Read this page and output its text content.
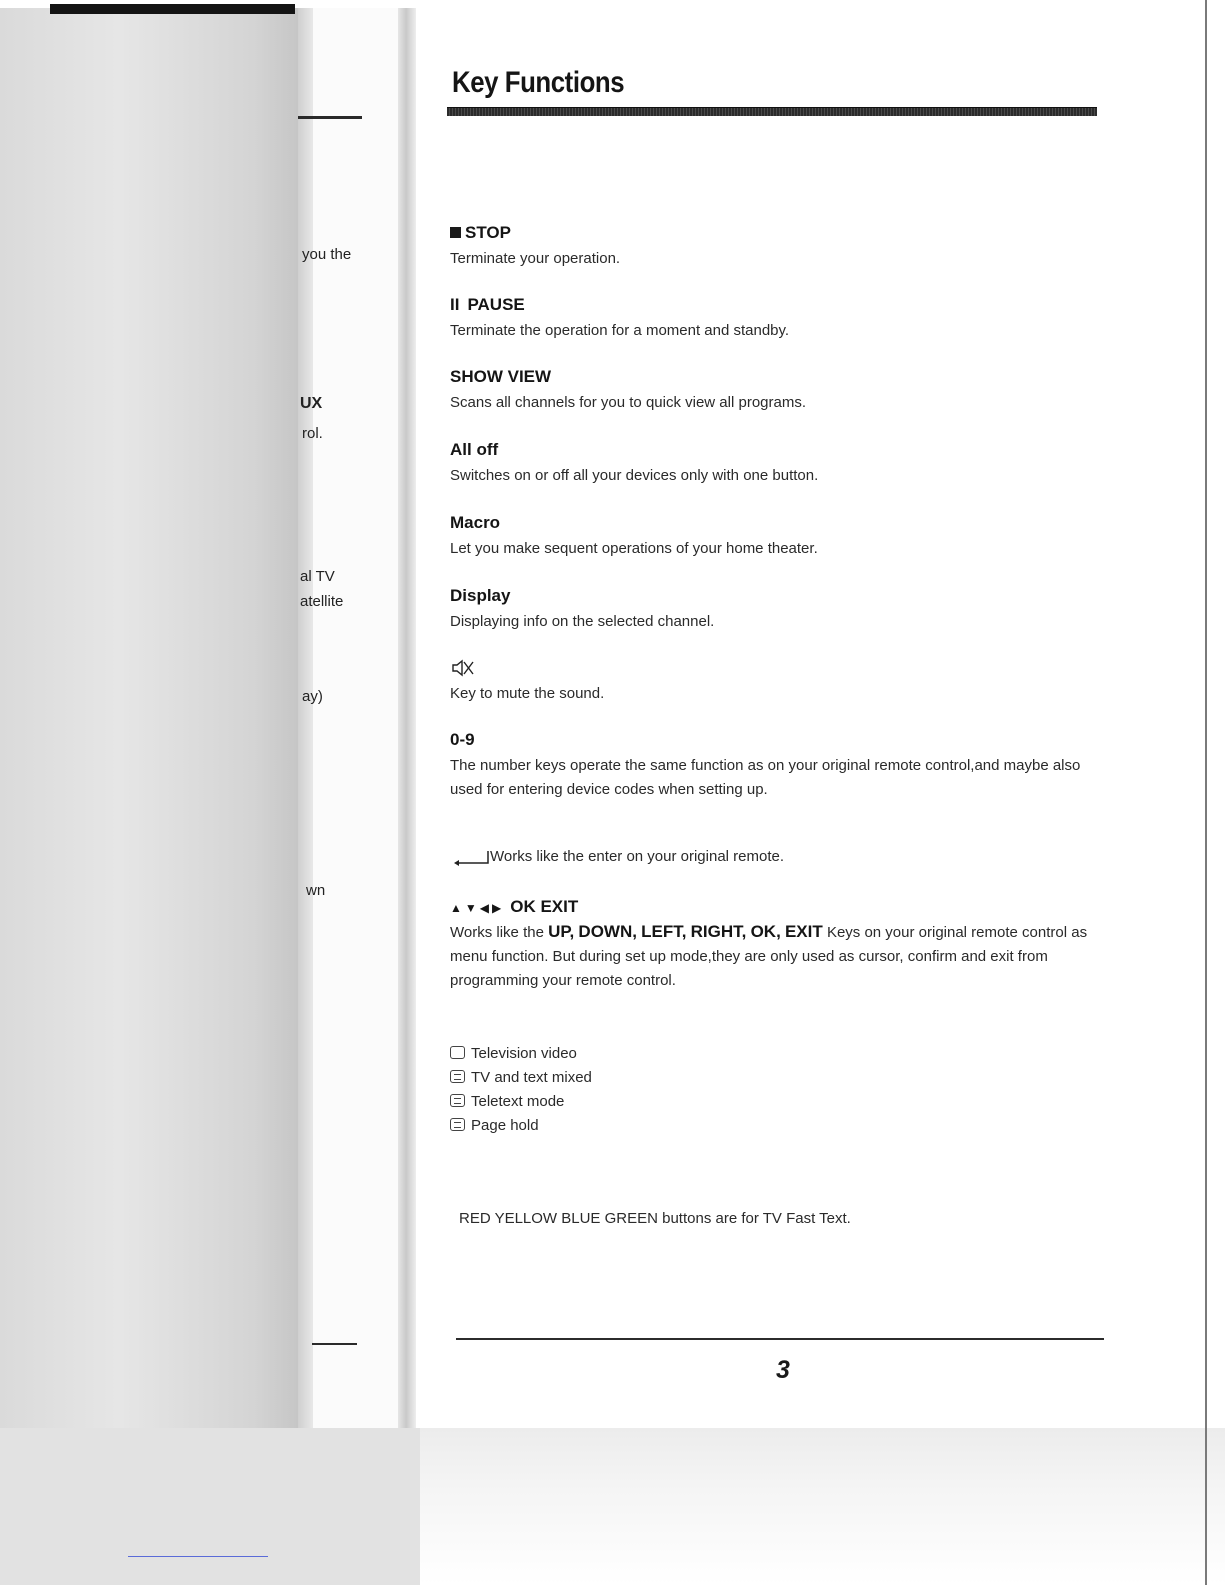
you the
UX
rol.
al TV
atellite
ay)
wn
Key Functions
STOP
Terminate your operation.
II PAUSE
Terminate the operation for a moment and standby.
SHOW VIEW
Scans all channels for you to quick view all programs.
All off
Switches on or off all your devices only with one button.
Macro
Let you make sequent operations of your home theater.
Display
Displaying info on the selected channel.
Key to mute the sound.
0-9
The number keys operate the same function as on your original remote control,and maybe also used for entering device codes when setting up.
Works like the enter on your original remote.
▲▼◀▶ OK EXIT
Works like the UP, DOWN, LEFT, RIGHT, OK, EXIT Keys on your original remote control as menu function. But during set up mode,they are only used as cursor, confirm and exit from programming your remote control.
Television video
TV and text mixed
Teletext mode
Page hold
RED YELLOW BLUE GREEN buttons are for TV Fast Text.
3
